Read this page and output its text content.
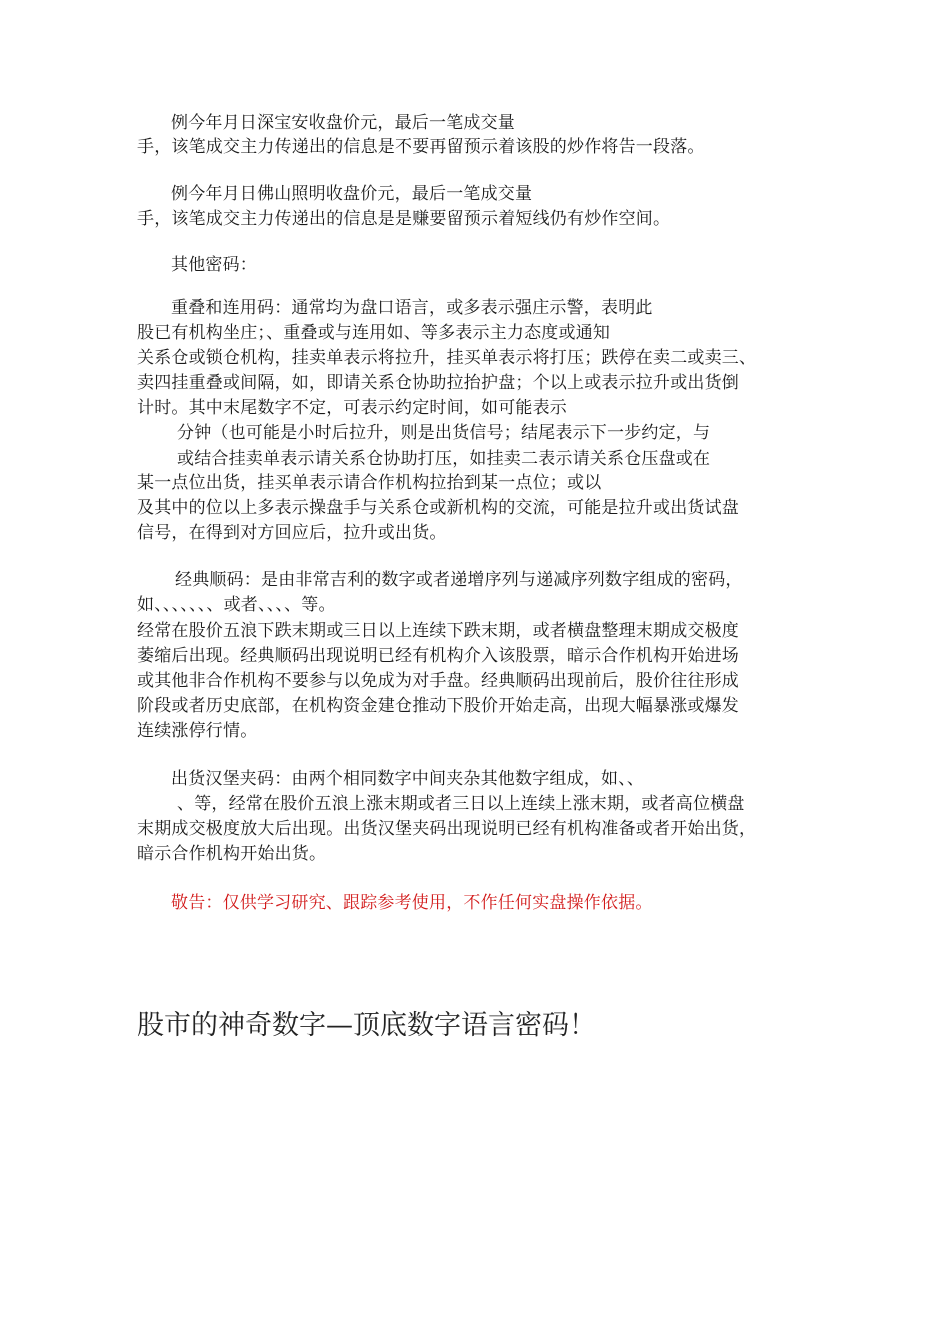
例今年月日深宝安收盘价元，最后一笔成交量
手，该笔成交主力传递出的信息是不要再留预示着该股的炒作将告一段落。
例今年月日佛山照明收盘价元，最后一笔成交量
手，该笔成交主力传递出的信息是是赚要留预示着短线仍有炒作空间。
其他密码：
重叠和连用码：通常均为盘口语言，或多表示强庄示警，表明此
股已有机构坐庄；、重叠或与连用如、等多表示主力态度或通知
关系仓或锁仓机构，挂卖单表示将拉升，挂买单表示将打压；跌停在卖二或卖三、
卖四挂重叠或间隔，如，即请关系仓协助拉抬护盘；个以上或表示拉升或出货倒
计时。其中末尾数字不定，可表示约定时间，如可能表示
分钟（也可能是小时后拉升，则是出货信号；结尾表示下一步约定，与
或结合挂卖单表示请关系仓协助打压，如挂卖二表示请关系仓压盘或在
某一点位出货，挂买单表示请合作机构拉抬到某一点位；或以
及其中的位以上多表示操盘手与关系仓或新机构的交流，可能是拉升或出货试盘
信号，在得到对方回应后，拉升或出货。
经典顺码：是由非常吉利的数字或者递增序列与递减序列数字组成的密码，
如、、、、、、、或者、、、、等。
经常在股价五浪下跌末期或三日以上连续下跌末期，或者横盘整理末期成交极度
萎缩后出现。经典顺码出现说明已经有机构介入该股票，暗示合作机构开始进场
或其他非合作机构不要参与以免成为对手盘。经典顺码出现前后，股价往往形成
阶段或者历史底部，在机构资金建仓推动下股价开始走高，出现大幅暴涨或爆发
连续涨停行情。
出货汉堡夹码：由两个相同数字中间夹杂其他数字组成，如、、
、等，经常在股价五浪上涨末期或者三日以上连续上涨末期，或者高位横盘
末期成交极度放大后出现。出货汉堡夹码出现说明已经有机构准备或者开始出货，
暗示合作机构开始出货。
敬告：仅供学习研究、跟踪参考使用，不作任何实盘操作依据。
股市的神奇数字—顶底数字语言密码！
